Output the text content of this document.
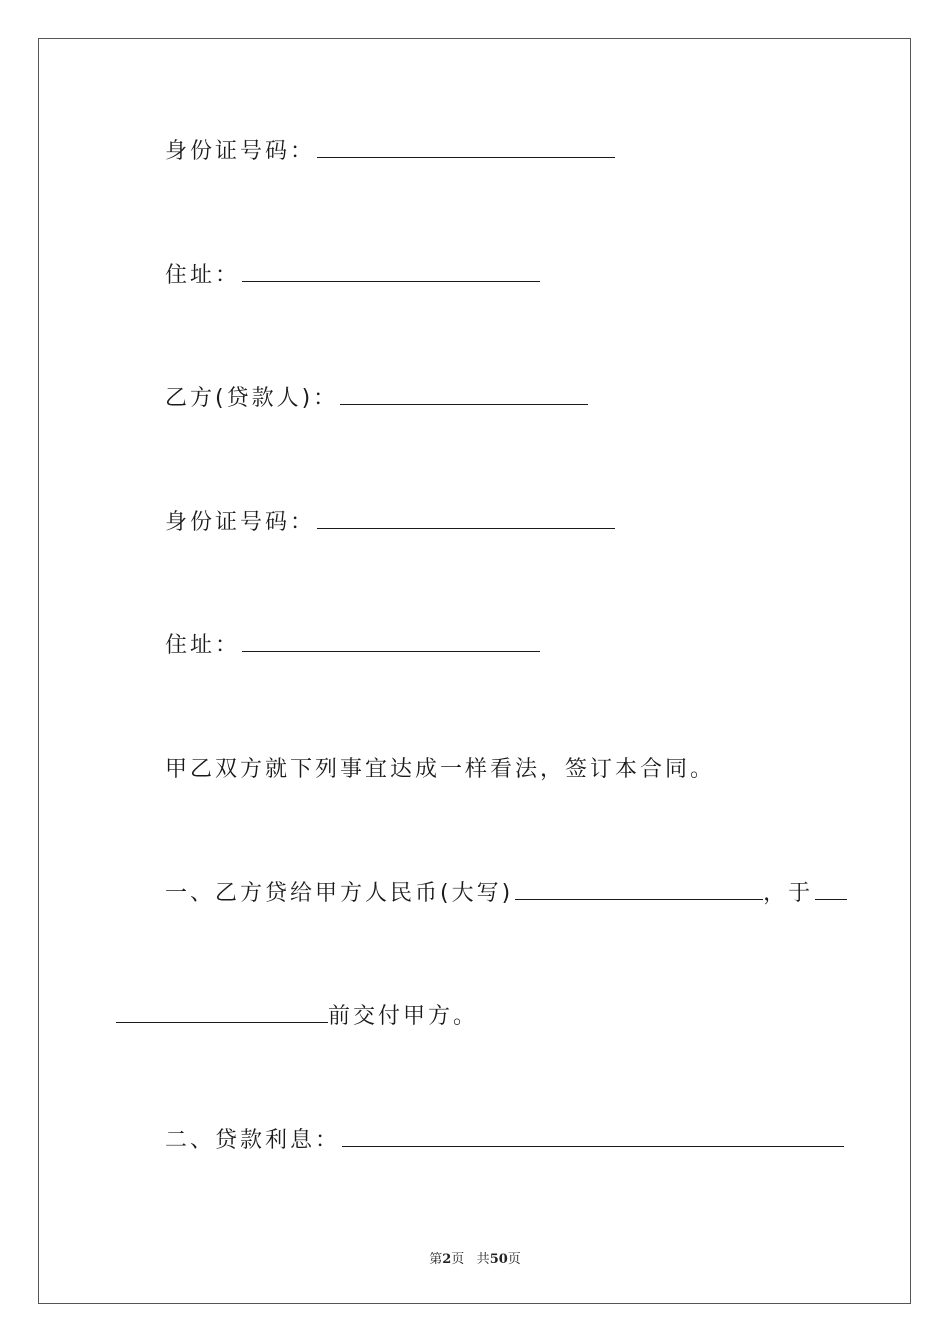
身份证号码：
住址：
乙方(贷款人)：
身份证号码：
住址：
甲乙双方就下列事宜达成一样看法，签订本合同。
一、乙方贷给甲方人民币(大写)	，于
前交付甲方。
二、贷款利息：
第2页 共50页
